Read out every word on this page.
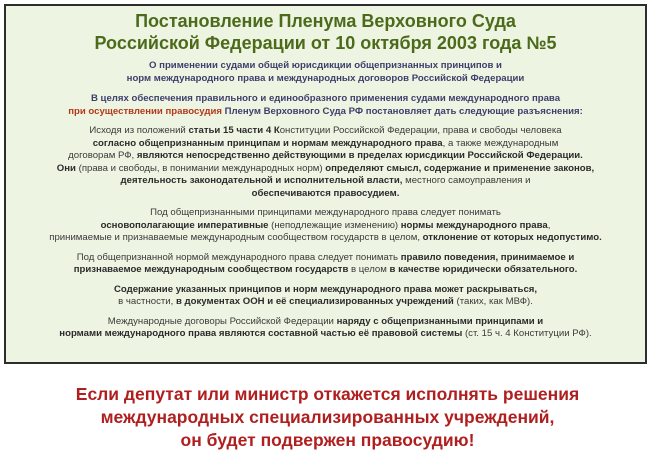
Постановление Пленума Верховного Суда
Российской Федерации от 10 октября 2003 года №5
О применении судами общей юрисдикции общепризнанных принципов и
норм международного права и международных договоров Российской Федерации
В целях обеспечения правильного и единообразного применения судами международного права
при осуществлении правосудия Пленум Верховного Суда РФ постановляет дать следующие разъяснения:

Исходя из положений статьи 15 части 4 Конституции Российской Федерации, права и свободы человека
согласно общепризнанным принципам и нормам международного права, а также международным
договорам РФ, являются непосредственно действующими в пределах юрисдикции Российской Федерации.
Они (права и свободы, в понимании международных норм) определяют смысл, содержание и применение законов,
деятельность законодательной и исполнительной власти, местного самоуправления и
обеспечиваются правосудием.

Под общепризнанными принципами международного права следует понимать
основополагающие императивные (неподлежащие изменению) нормы международного права,
принимаемые и признаваемые международным сообществом государств в целом, отклонение от которых недопустимо.

Под общепризнанной нормой международного права следует понимать правило поведения, принимаемое и
признаваемое международным сообществом государств в целом в качестве юридически обязательного.

Содержание указанных принципов и норм международного права может раскрываться,
в частности, в документах ООН и её специализированных учреждений (таких, как МВФ).

Международные договоры Российской Федерации наряду с общепризнанными принципами и
нормами международного права являются составной частью её правовой системы (ст. 15 ч. 4 Конституции РФ).

Если депутат или министр откажется исполнять решения
международных специализированных учреждений,
он будет подвержен правосудию!
